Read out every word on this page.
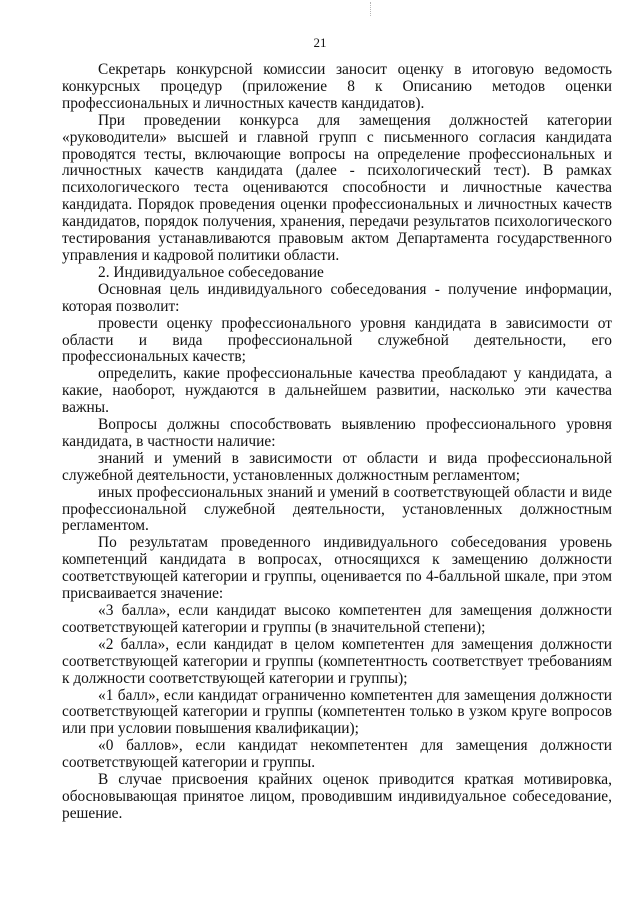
21

Секретарь конкурсной комиссии заносит оценку в итоговую ведомость конкурсных процедур (приложение 8 к Описанию методов оценки профессиональных и личностных качеств кандидатов).

При проведении конкурса для замещения должностей категории «руководители» высшей и главной групп с письменного согласия кандидата проводятся тесты, включающие вопросы на определение профессиональных и личностных качеств кандидата (далее - психологический тест). В рамках психологического теста оцениваются способности и личностные качества кандидата. Порядок проведения оценки профессиональных и личностных качеств кандидатов, порядок получения, хранения, передачи результатов психологического тестирования устанавливаются правовым актом Департамента государственного управления и кадровой политики области.

2. Индивидуальное собеседование

Основная цель индивидуального собеседования - получение информации, которая позволит:

провести оценку профессионального уровня кандидата в зависимости от области и вида профессиональной служебной деятельности, его профессиональных качеств;

определить, какие профессиональные качества преобладают у кандидата, а какие, наоборот, нуждаются в дальнейшем развитии, насколько эти качества важны.

Вопросы должны способствовать выявлению профессионального уровня кандидата, в частности наличие:

знаний и умений в зависимости от области и вида профессиональной служебной деятельности, установленных должностным регламентом;

иных профессиональных знаний и умений в соответствующей области и виде профессиональной служебной деятельности, установленных должностным регламентом.

По результатам проведенного индивидуального собеседования уровень компетенций кандидата в вопросах, относящихся к замещению должности соответствующей категории и группы, оценивается по 4-балльной шкале, при этом присваивается значение:

«3 балла», если кандидат высоко компетентен для замещения должности соответствующей категории и группы (в значительной степени);

«2 балла», если кандидат в целом компетентен для замещения должности соответствующей категории и группы (компетентность соответствует требованиям к должности соответствующей категории и группы);

«1 балл», если кандидат ограниченно компетентен для замещения должности соответствующей категории и группы (компетентен только в узком круге вопросов или при условии повышения квалификации);

«0 баллов», если кандидат некомпетентен для замещения должности соответствующей категории и группы.

В случае присвоения крайних оценок приводится краткая мотивировка, обосновывающая принятое лицом, проводившим индивидуальное собеседование, решение.
